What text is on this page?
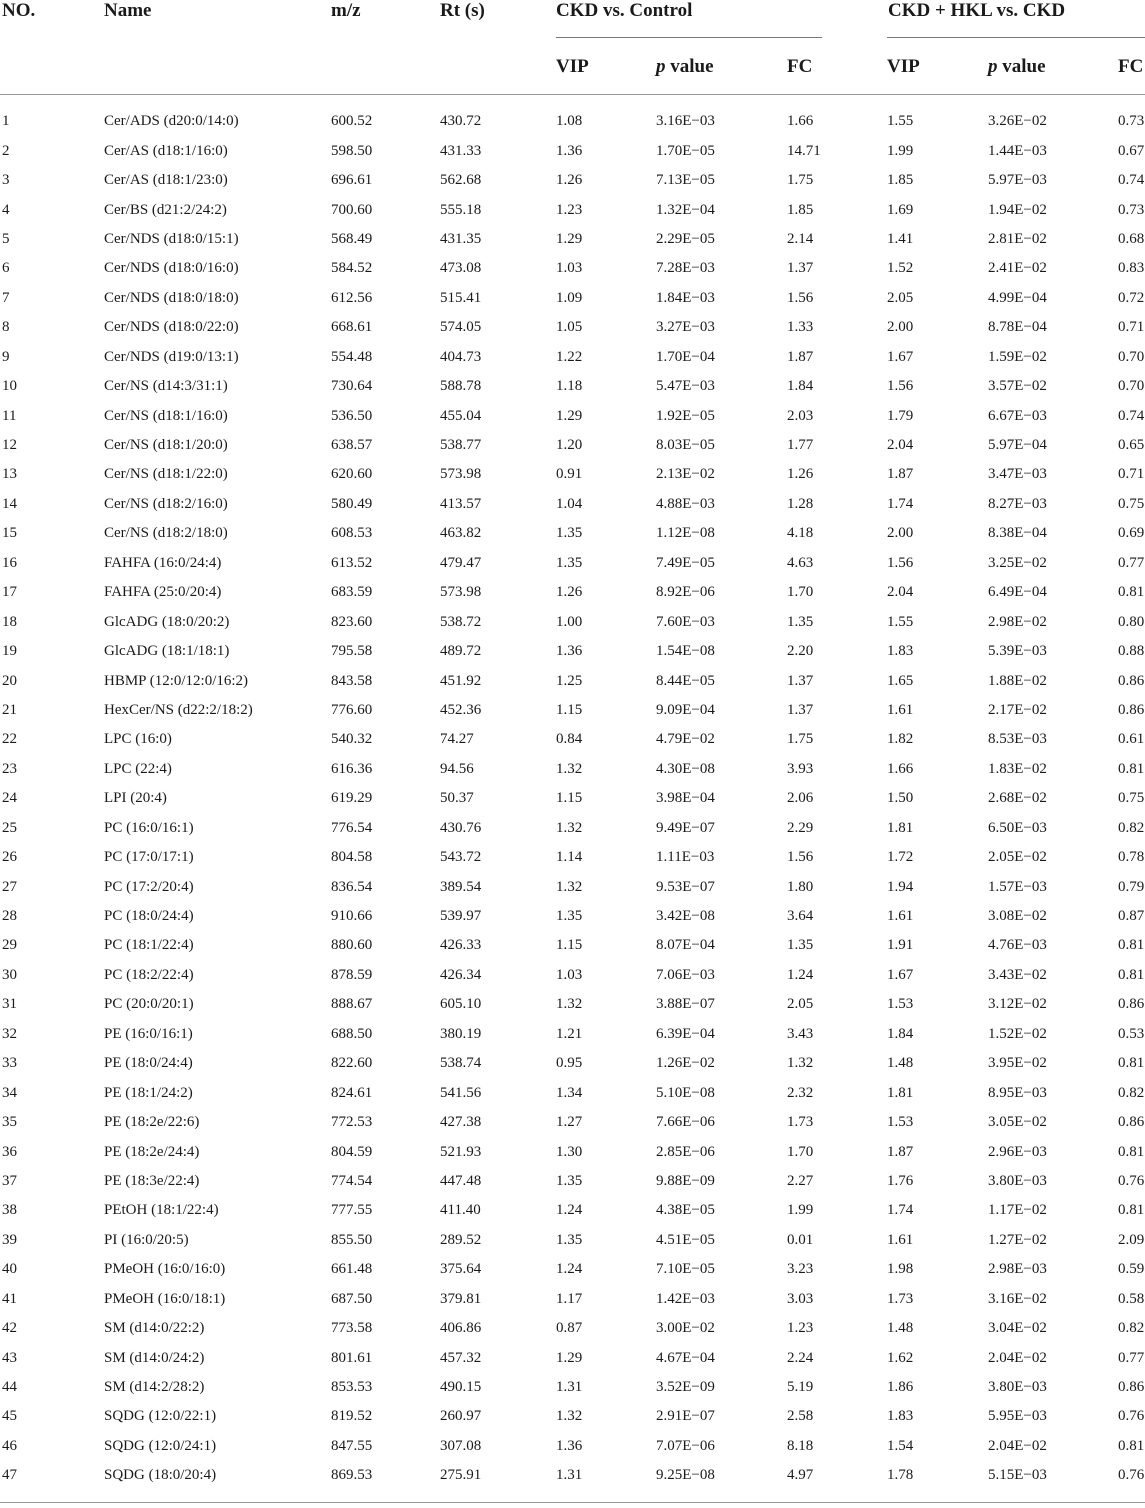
NO.	Name	m/z	Rt (s)	CKD vs. Control	CKD + HKL vs. CKD
VIP	p value	FC	VIP	p value	FC
1	Cer/ADS (d20:0/14:0)	600.52	430.72	1.08	3.16E−03	1.66	1.55	3.26E−02	0.73
2	Cer/AS (d18:1/16:0)	598.50	431.33	1.36	1.70E−05	14.71	1.99	1.44E−03	0.67
3	Cer/AS (d18:1/23:0)	696.61	562.68	1.26	7.13E−05	1.75	1.85	5.97E−03	0.74
4	Cer/BS (d21:2/24:2)	700.60	555.18	1.23	1.32E−04	1.85	1.69	1.94E−02	0.73
5	Cer/NDS (d18:0/15:1)	568.49	431.35	1.29	2.29E−05	2.14	1.41	2.81E−02	0.68
6	Cer/NDS (d18:0/16:0)	584.52	473.08	1.03	7.28E−03	1.37	1.52	2.41E−02	0.83
7	Cer/NDS (d18:0/18:0)	612.56	515.41	1.09	1.84E−03	1.56	2.05	4.99E−04	0.72
8	Cer/NDS (d18:0/22:0)	668.61	574.05	1.05	3.27E−03	1.33	2.00	8.78E−04	0.71
9	Cer/NDS (d19:0/13:1)	554.48	404.73	1.22	1.70E−04	1.87	1.67	1.59E−02	0.70
10	Cer/NS (d14:3/31:1)	730.64	588.78	1.18	5.47E−03	1.84	1.56	3.57E−02	0.70
11	Cer/NS (d18:1/16:0)	536.50	455.04	1.29	1.92E−05	2.03	1.79	6.67E−03	0.74
12	Cer/NS (d18:1/20:0)	638.57	538.77	1.20	8.03E−05	1.77	2.04	5.97E−04	0.65
13	Cer/NS (d18:1/22:0)	620.60	573.98	0.91	2.13E−02	1.26	1.87	3.47E−03	0.71
14	Cer/NS (d18:2/16:0)	580.49	413.57	1.04	4.88E−03	1.28	1.74	8.27E−03	0.75
15	Cer/NS (d18:2/18:0)	608.53	463.82	1.35	1.12E−08	4.18	2.00	8.38E−04	0.69
16	FAHFA (16:0/24:4)	613.52	479.47	1.35	7.49E−05	4.63	1.56	3.25E−02	0.77
17	FAHFA (25:0/20:4)	683.59	573.98	1.26	8.92E−06	1.70	2.04	6.49E−04	0.81
18	GlcADG (18:0/20:2)	823.60	538.72	1.00	7.60E−03	1.35	1.55	2.98E−02	0.80
19	GlcADG (18:1/18:1)	795.58	489.72	1.36	1.54E−08	2.20	1.83	5.39E−03	0.88
20	HBMP (12:0/12:0/16:2)	843.58	451.92	1.25	8.44E−05	1.37	1.65	1.88E−02	0.86
21	HexCer/NS (d22:2/18:2)	776.60	452.36	1.15	9.09E−04	1.37	1.61	2.17E−02	0.86
22	LPC (16:0)	540.32	74.27	0.84	4.79E−02	1.75	1.82	8.53E−03	0.61
23	LPC (22:4)	616.36	94.56	1.32	4.30E−08	3.93	1.66	1.83E−02	0.81
24	LPI (20:4)	619.29	50.37	1.15	3.98E−04	2.06	1.50	2.68E−02	0.75
25	PC (16:0/16:1)	776.54	430.76	1.32	9.49E−07	2.29	1.81	6.50E−03	0.82
26	PC (17:0/17:1)	804.58	543.72	1.14	1.11E−03	1.56	1.72	2.05E−02	0.78
27	PC (17:2/20:4)	836.54	389.54	1.32	9.53E−07	1.80	1.94	1.57E−03	0.79
28	PC (18:0/24:4)	910.66	539.97	1.35	3.42E−08	3.64	1.61	3.08E−02	0.87
29	PC (18:1/22:4)	880.60	426.33	1.15	8.07E−04	1.35	1.91	4.76E−03	0.81
30	PC (18:2/22:4)	878.59	426.34	1.03	7.06E−03	1.24	1.67	3.43E−02	0.81
31	PC (20:0/20:1)	888.67	605.10	1.32	3.88E−07	2.05	1.53	3.12E−02	0.86
32	PE (16:0/16:1)	688.50	380.19	1.21	6.39E−04	3.43	1.84	1.52E−02	0.53
33	PE (18:0/24:4)	822.60	538.74	0.95	1.26E−02	1.32	1.48	3.95E−02	0.81
34	PE (18:1/24:2)	824.61	541.56	1.34	5.10E−08	2.32	1.81	8.95E−03	0.82
35	PE (18:2e/22:6)	772.53	427.38	1.27	7.66E−06	1.73	1.53	3.05E−02	0.86
36	PE (18:2e/24:4)	804.59	521.93	1.30	2.85E−06	1.70	1.87	2.96E−03	0.81
37	PE (18:3e/22:4)	774.54	447.48	1.35	9.88E−09	2.27	1.76	3.80E−03	0.76
38	PEtOH (18:1/22:4)	777.55	411.40	1.24	4.38E−05	1.99	1.74	1.17E−02	0.81
39	PI (16:0/20:5)	855.50	289.52	1.35	4.51E−05	0.01	1.61	1.27E−02	2.09
40	PMeOH (16:0/16:0)	661.48	375.64	1.24	7.10E−05	3.23	1.98	2.98E−03	0.59
41	PMeOH (16:0/18:1)	687.50	379.81	1.17	1.42E−03	3.03	1.73	3.16E−02	0.58
42	SM (d14:0/22:2)	773.58	406.86	0.87	3.00E−02	1.23	1.48	3.04E−02	0.82
43	SM (d14:0/24:2)	801.61	457.32	1.29	4.67E−04	2.24	1.62	2.04E−02	0.77
44	SM (d14:2/28:2)	853.53	490.15	1.31	3.52E−09	5.19	1.86	3.80E−03	0.86
45	SQDG (12:0/22:1)	819.52	260.97	1.32	2.91E−07	2.58	1.83	5.95E−03	0.76
46	SQDG (12:0/24:1)	847.55	307.08	1.36	7.07E−06	8.18	1.54	2.04E−02	0.81
47	SQDG (18:0/20:4)	869.53	275.91	1.31	9.25E−08	4.97	1.78	5.15E−03	0.76
